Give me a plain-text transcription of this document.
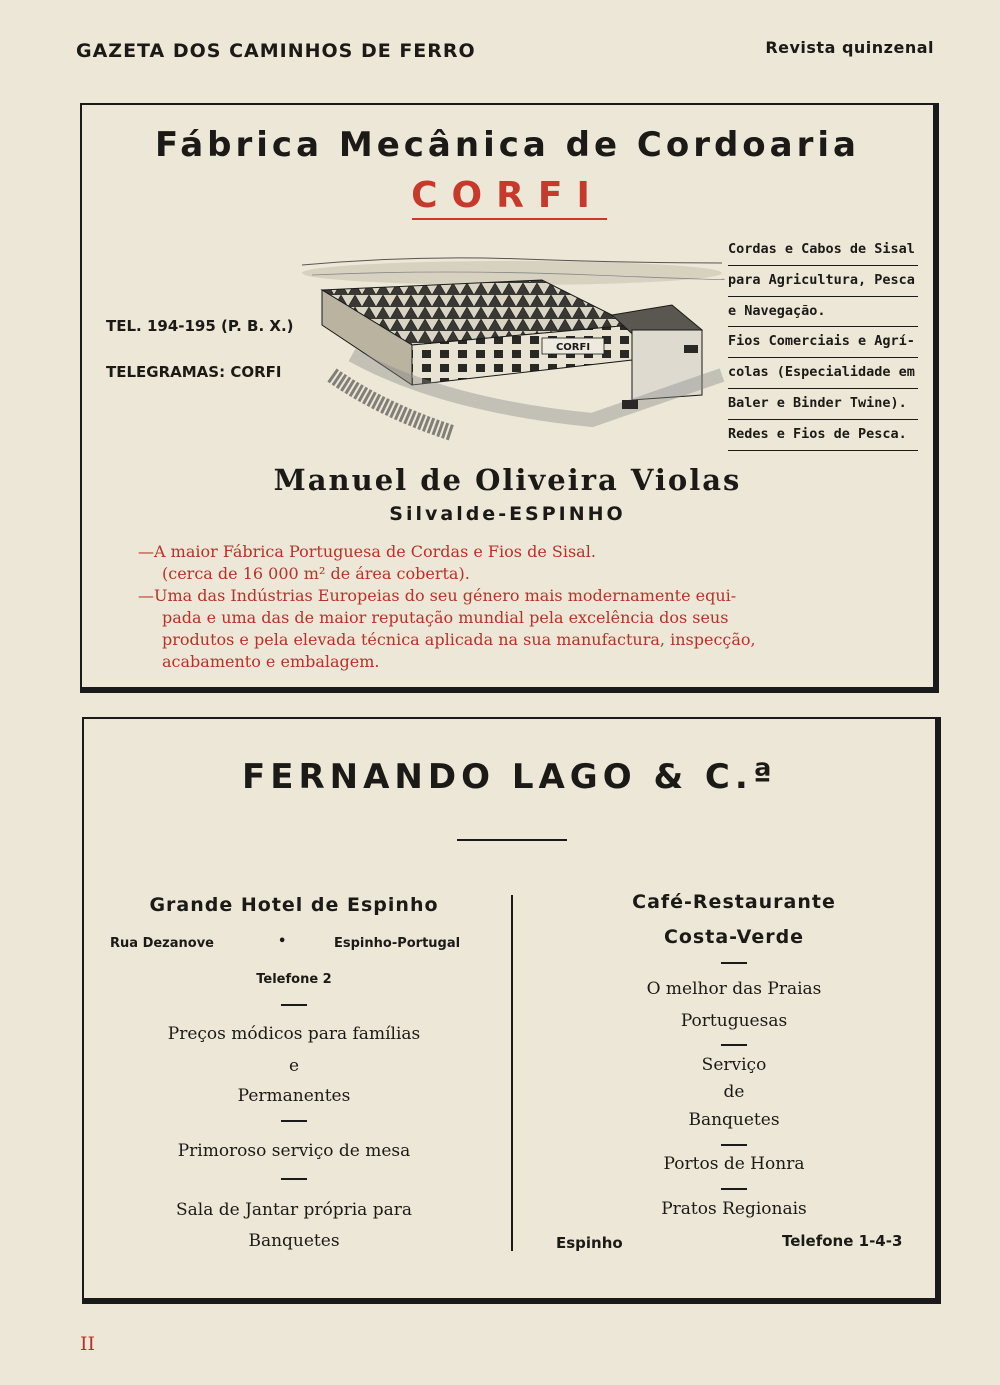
GAZETA DOS CAMINHOS DE FERRO	Revista quinzenal
Fábrica Mecânica de Cordoaria
CORFI
TEL. 194-195 (P. B. X.)
TELEGRAMAS: CORFI
CORFI
Cordas e Cabos de Sisal
para Agricultura, Pesca
e Navegação.
Fios Comerciais e Agrí-
colas (Especialidade em
Baler e Binder Twine).
Redes e Fios de Pesca.
Manuel de Oliveira Violas
Silvalde-ESPINHO
—A maior Fábrica Portuguesa de Cordas e Fios de Sisal.
(cerca de 16 000 m² de área coberta).
—Uma das Indústrias Europeias do seu género mais modernamente equi-
pada e uma das de maior reputação mundial pela excelência dos seus
produtos e pela elevada técnica aplicada na sua manufactura, inspecção,
acabamento e embalagem.
FERNANDO LAGO & C.ª
Grande Hotel de Espinho
Rua Dezanove	•	Espinho-Portugal
Telefone 2
Preços módicos para famílias
e
Permanentes
Primoroso serviço de mesa
Sala de Jantar própria para
Banquetes
Café-Restaurante
Costa-Verde
O melhor das Praias
Portuguesas
Serviço
de
Banquetes
Portos de Honra
Pratos Regionais
Espinho	Telefone 1-4-3
II
